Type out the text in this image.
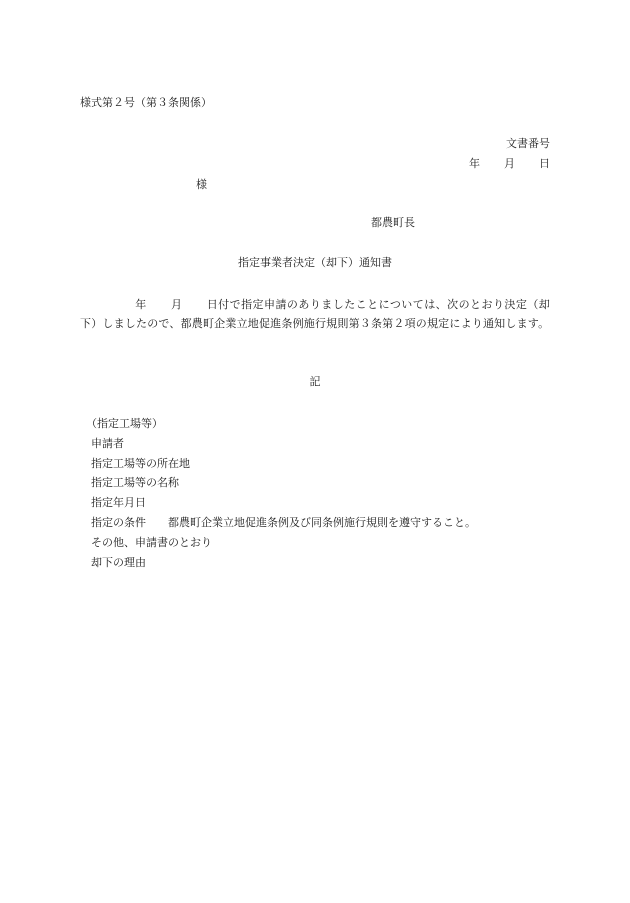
様式第２号（第３条関係）
文書番号
年 月 日
様
都農町長
指定事業者決定（却下）通知書
年 月 日付で指定申請のありましたことについては、次のとおり決定（却下）しましたので、都農町企業立地促進条例施行規則第３条第２項の規定により通知します。
記
（指定工場等）
申請者
指定工場等の所在地
指定工場等の名称
指定年月日
指定の条件 都農町企業立地促進条例及び同条例施行規則を遵守すること。
その他、申請書のとおり
却下の理由
